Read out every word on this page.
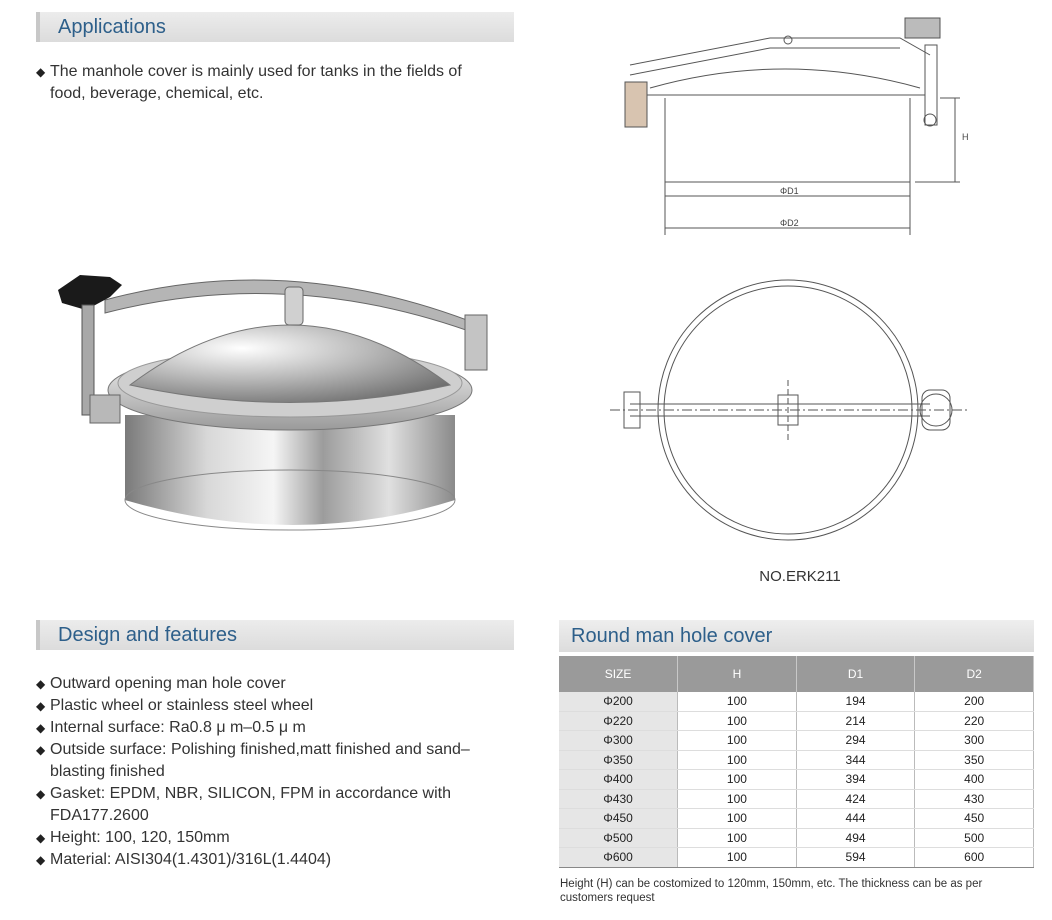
Applications
◆ The manhole cover is mainly used for tanks in the fields of
food, beverage, chemical, etc.
ΦD1
ΦD2
H
NO.ERK211
Design and features
◆ Outward opening man hole cover
◆ Plastic wheel or stainless steel wheel
◆ Internal surface: Ra0.8 μ m–0.5 μ m
◆ Outside surface: Polishing finished,matt finished and sand–
blasting finished
◆ Gasket: EPDM, NBR, SILICON, FPM in accordance with
FDA177.2600
◆ Height: 100, 120, 150mm
◆ Material: AISI304(1.4301)/316L(1.4404)
Round man hole cover
SIZE	H	D1	D2
Φ200	100	194	200
Φ220	100	214	220
Φ300	100	294	300
Φ350	100	344	350
Φ400	100	394	400
Φ430	100	424	430
Φ450	100	444	450
Φ500	100	494	500
Φ600	100	594	600
Height (H) can be costomized to 120mm, 150mm, etc. The thickness can be as per
customers request
